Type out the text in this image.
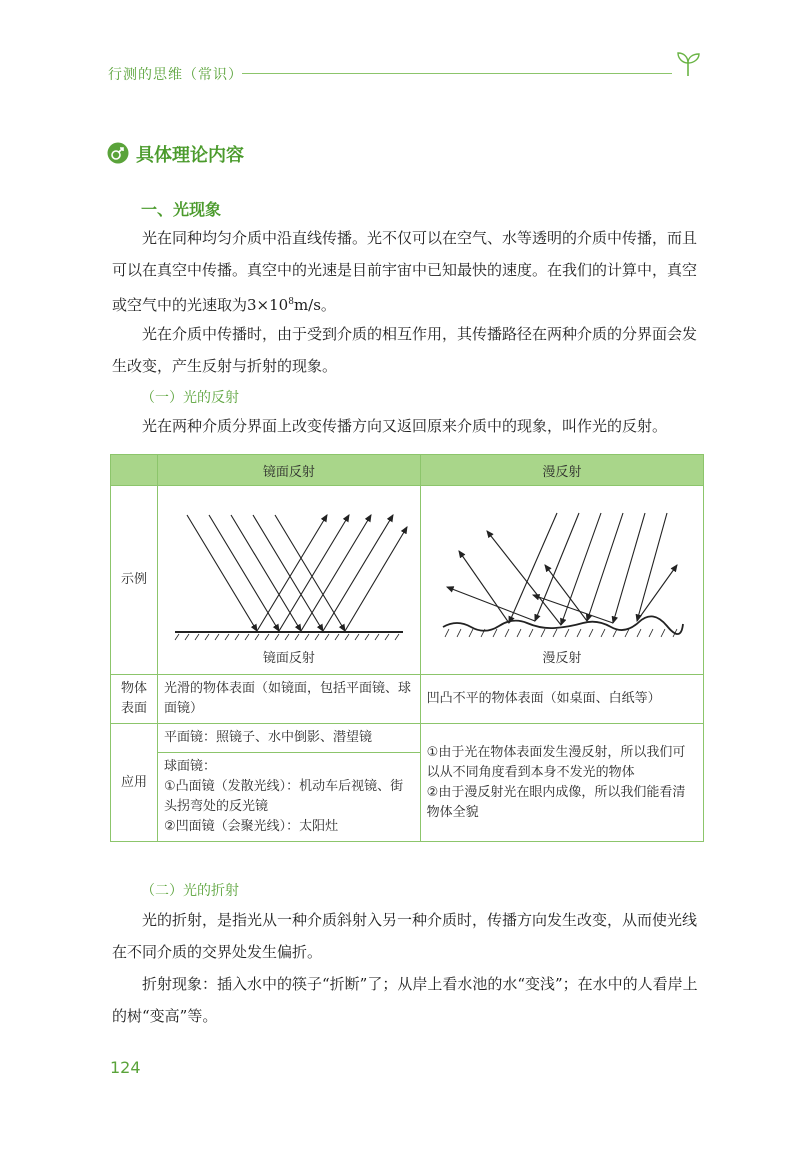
行测的思维（常识）
具体理论内容
一、光现象

光在同种均匀介质中沿直线传播。光不仅可以在空气、水等透明的介质中传播，而且可以在真空中传播。真空中的光速是目前宇宙中已知最快的速度。在我们的计算中，真空或空气中的光速取为$3\times 10^8m/s$。

光在介质中传播时，由于受到介质的相互作用，其传播路径在两种介质的分界面会发生改变，产生反射与折射的现象。

（一）光的反射

光在两种介质分界面上改变传播方向又返回原来介质中的现象，叫作光的反射。

	镜面反射	漫反射
示例	镜面反射	漫反射

物体表面	光滑的物体表面（如镜面，包括平面镜、球面镜）	凹凸不平的物体表面（如桌面、白纸等）
应用	平面镜：照镜子、水中倒影、潜望镜	①由于光在物体表面发生漫反射，所以我们可以从不同角度看到本身不发光的物体
②由于漫反射光在眼内成像，所以我们能看清物体全貌

	球面镜：
①凸面镜（发散光线）：机动车后视镜、街头拐弯处的反光镜
②凹面镜（会聚光线）：太阳灶	
（二）光的折射

光的折射，是指光从一种介质斜射入另一种介质时，传播方向发生改变，从而使光线在不同介质的交界处发生偏折。

折射现象：插入水中的筷子“折断”了；从岸上看水池的水“变浅”；在水中的人看岸上的树“变高”等。

124
